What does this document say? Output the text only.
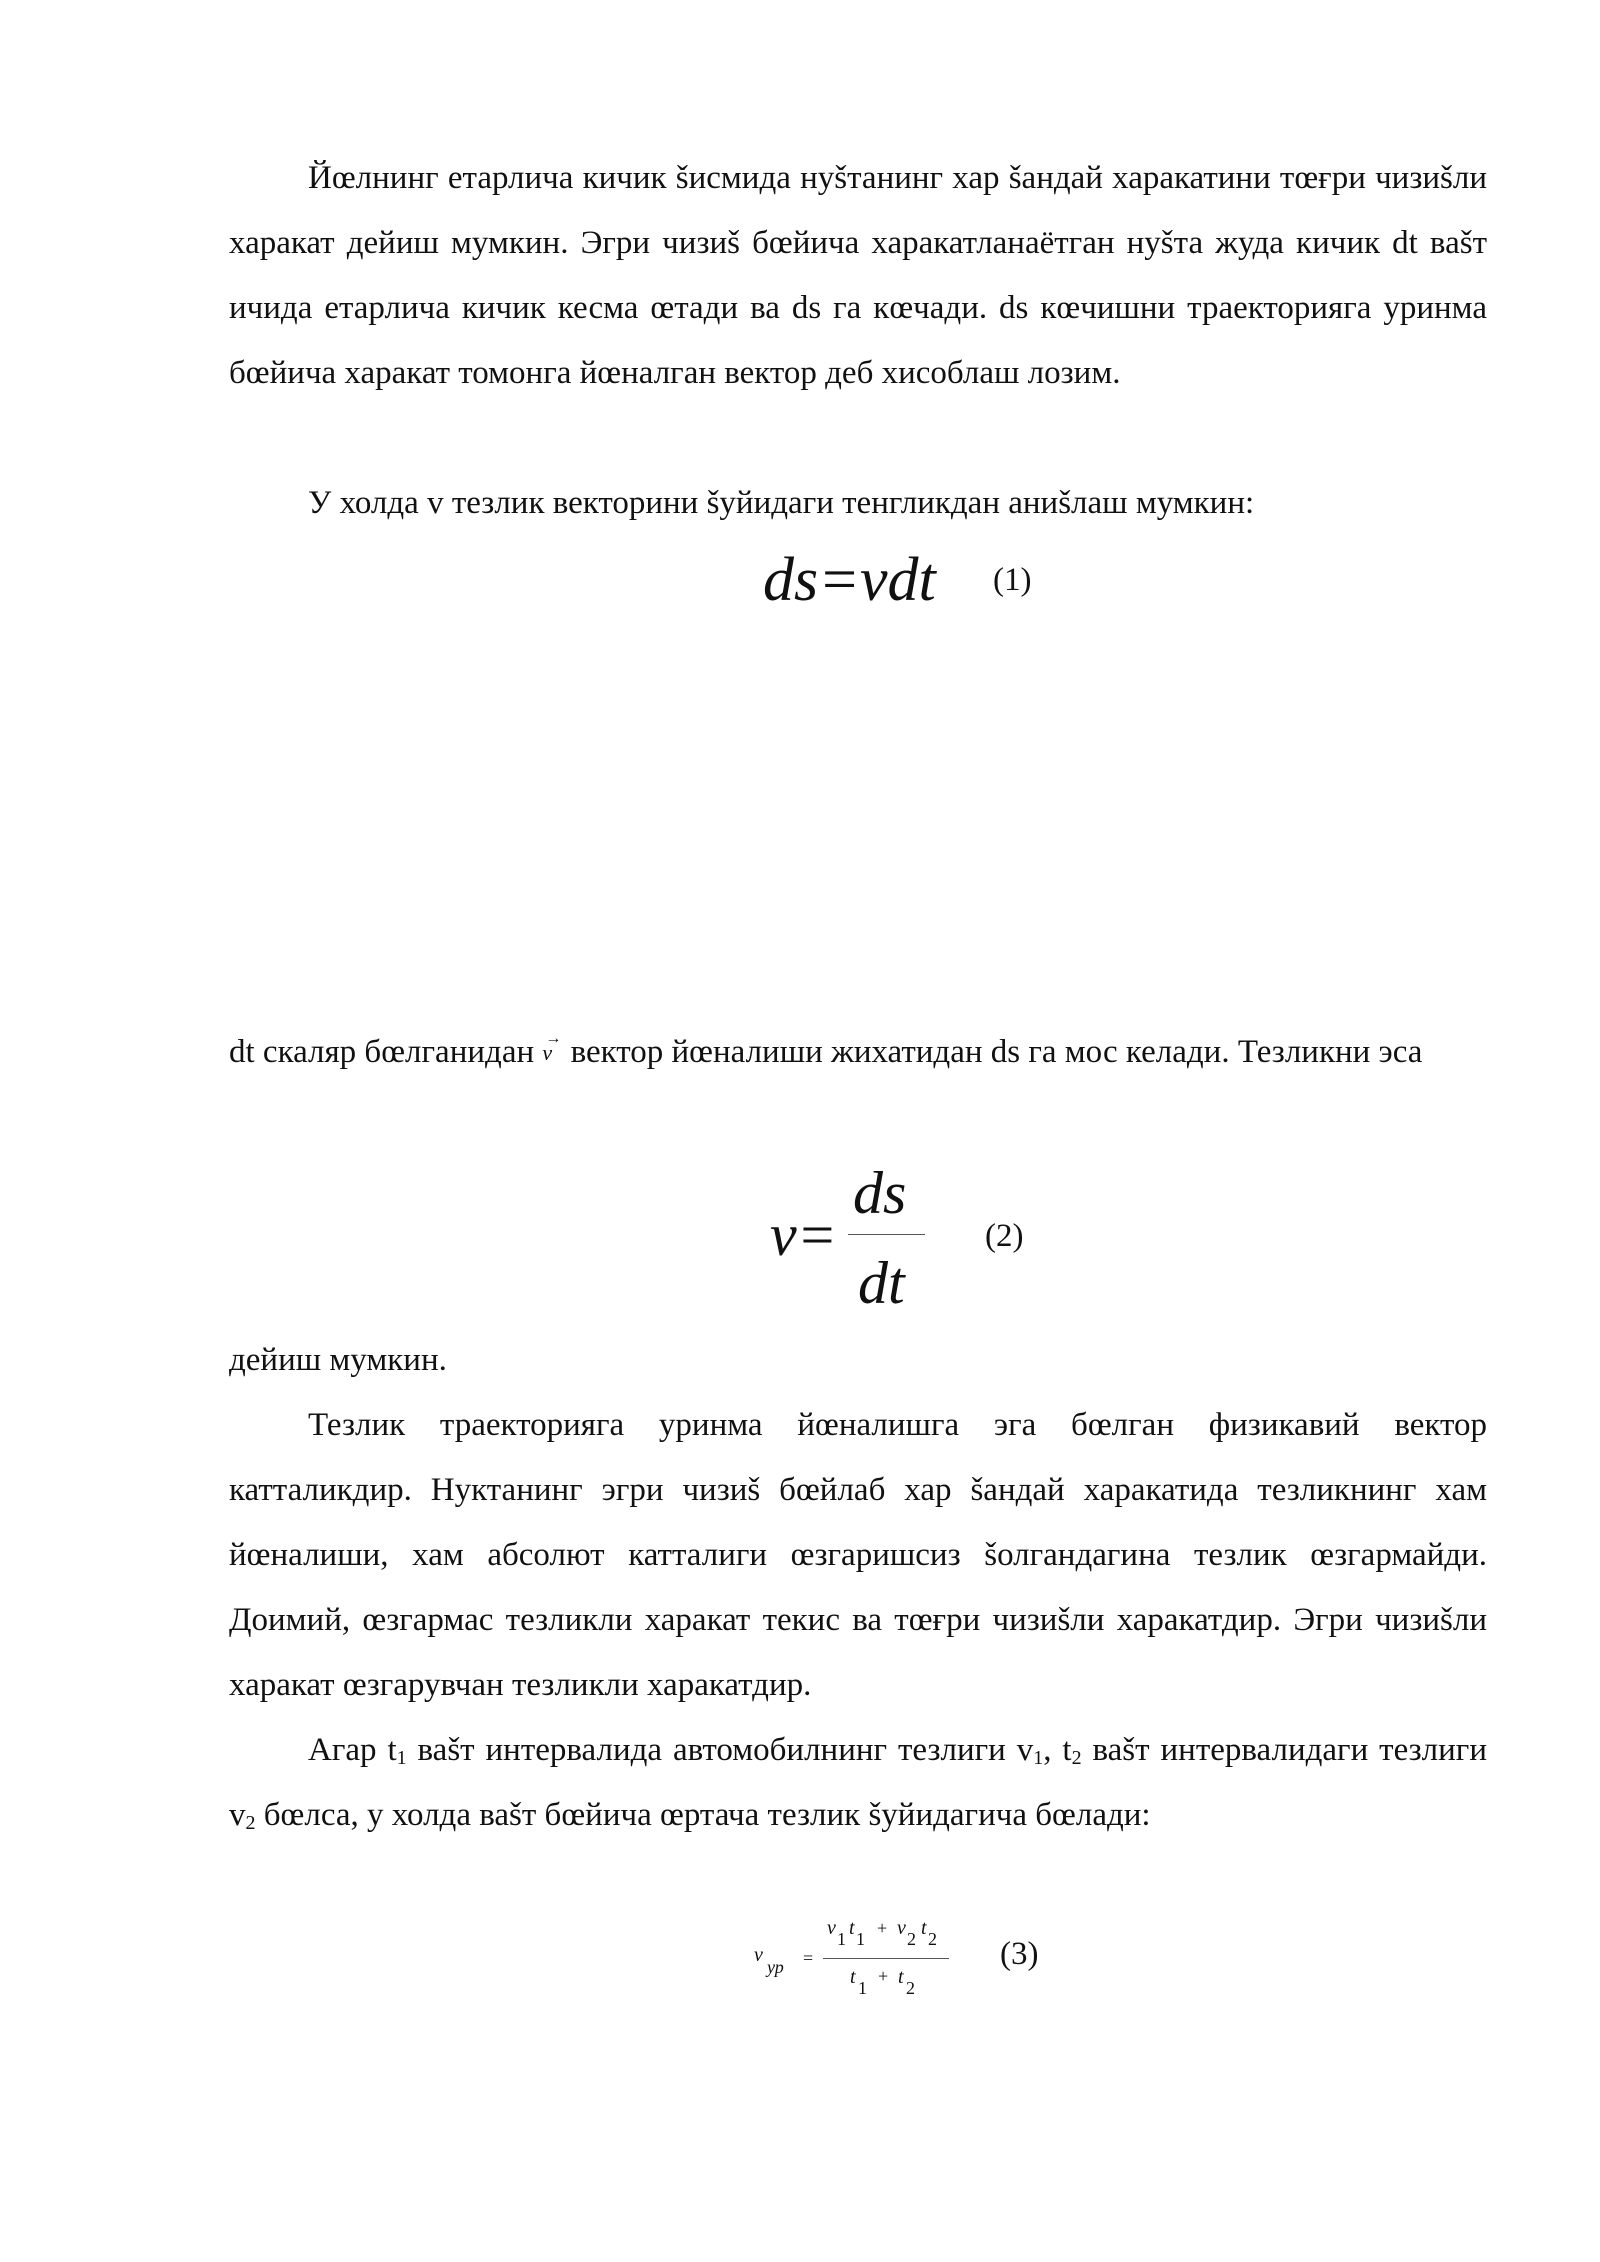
Йœлнинг етарлича кичик šисмида нуšтанинг хар šандай харакатини тœғри чизиšли харакат дейиш мумкин. Эгри чизиš бœйича харакатланаётган нуšта жуда кичик dt ваšт ичида етарлича кичик кесма œтади ва ds га кœчади. ds кœчишни траекторияга уринма бœйича харакат томонга йœналган вектор деб хисоблаш лозим.

У холда v тезлик векторини šуйидаги тенгликдан аниšлаш мумкин:

ds=vdt (1)

dt скаляр бœлганидан →
v вектор йœналиши жихатидан ds га мос келади. Тезликни эса

v=
ds
dt
(2)

дейиш мумкин.

Тезлик траекторияга уринма йœналишга эга бœлган физикавий вектор катталикдир. Нуктанинг эгри чизиš бœйлаб хар šандай харакатида тезликнинг хам йœналиши, хам абсолют катталиги œзгаришсиз šолгандагина тезлик œзгармайди. Доимий, œзгармас тезликли харакат текис ва тœғри чизиšли харакатдир. Эгри чизиšли харакат œзгарувчан тезликли харакатдир.

Агар $t_1$ ваšт интервалида автомобилнинг тезлиги $v_1$, $t_2$ ваšт интервалидаги тезлиги $v_2$ бœлса, у холда ваšт бœйича œртача тезлик šуйидагича бœлади:

v
ур =
v 1 t 1
+ v 2 t 2
t 1
+ t 2
(3)
